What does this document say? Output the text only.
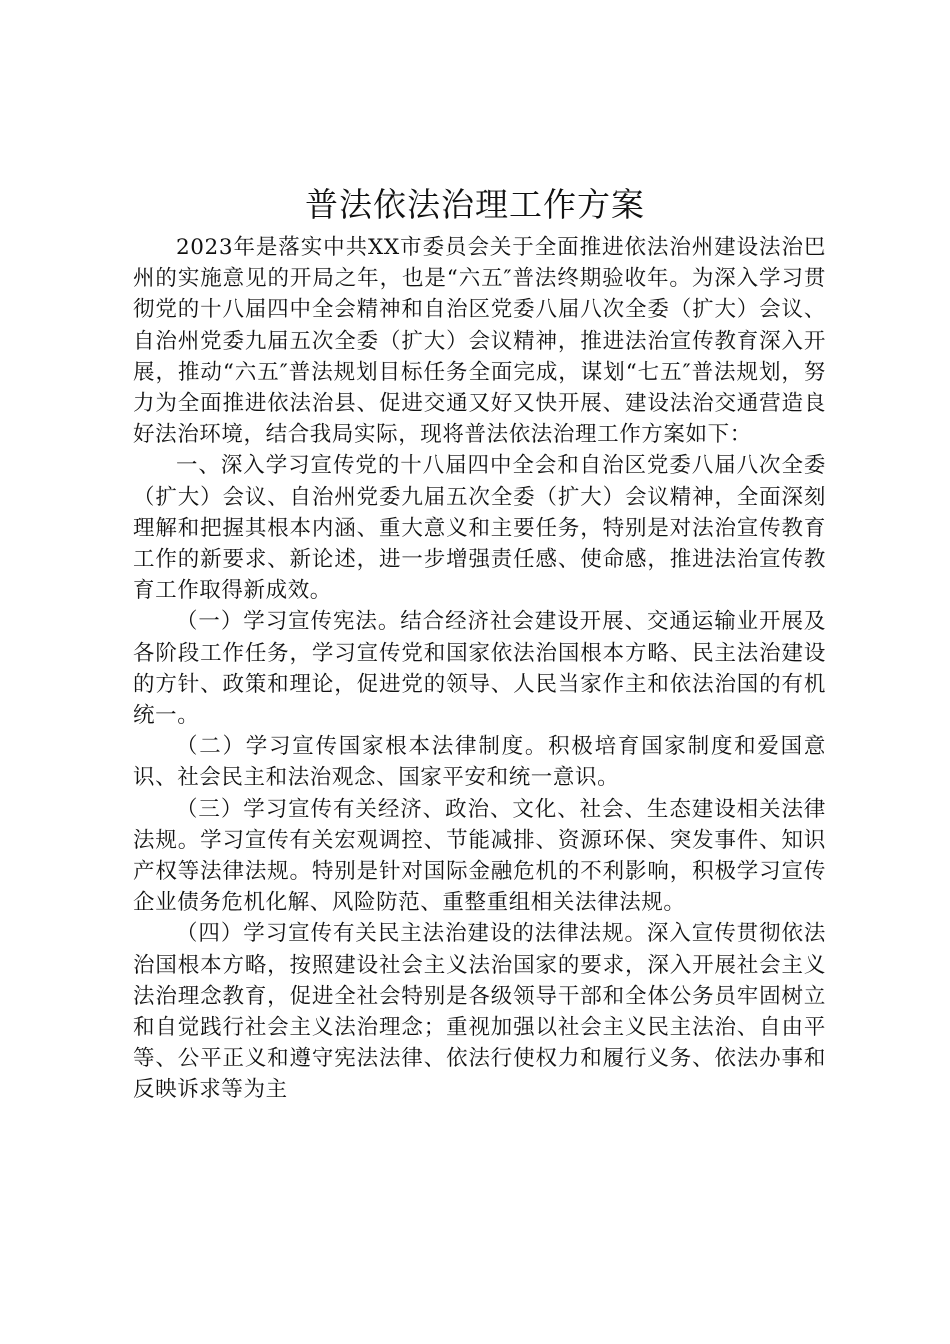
普法依法治理工作方案

2023年是落实中共XX市委员会关于全面推进依法治州建设法治巴州的实施意见的开局之年，也是“六五″普法终期验收年。为深入学习贯彻党的十八届四中全会精神和自治区党委八届八次全委（扩大）会议、自治州党委九届五次全委（扩大）会议精神，推进法治宣传教育深入开展，推动“六五″普法规划目标任务全面完成，谋划“七五″普法规划，努力为全面推进依法治县、促进交通又好又快开展、建设法治交通营造良好法治环境，结合我局实际，现将普法依法治理工作方案如下：

一、深入学习宣传党的十八届四中全会和自治区党委八届八次全委（扩大）会议、自治州党委九届五次全委（扩大）会议精神，全面深刻理解和把握其根本内涵、重大意义和主要任务，特别是对法治宣传教育工作的新要求、新论述，进一步增强责任感、使命感，推进法治宣传教育工作取得新成效。

（一）学习宣传宪法。结合经济社会建设开展、交通运输业开展及各阶段工作任务，学习宣传党和国家依法治国根本方略、民主法治建设的方针、政策和理论，促进党的领导、人民当家作主和依法治国的有机统一。

（二）学习宣传国家根本法律制度。积极培育国家制度和爱国意识、社会民主和法治观念、国家平安和统一意识。

（三）学习宣传有关经济、政治、文化、社会、生态建设相关法律法规。学习宣传有关宏观调控、节能减排、资源环保、突发事件、知识产权等法律法规。特别是针对国际金融危机的不利影响，积极学习宣传企业债务危机化解、风险防范、重整重组相关法律法规。

（四）学习宣传有关民主法治建设的法律法规。深入宣传贯彻依法治国根本方略，按照建设社会主义法治国家的要求，深入开展社会主义法治理念教育，促进全社会特别是各级领导干部和全体公务员牢固树立和自觉践行社会主义法治理念；重视加强以社会主义民主法治、自由平等、公平正义和遵守宪法法律、依法行使权力和履行义务、依法办事和反映诉求等为主
